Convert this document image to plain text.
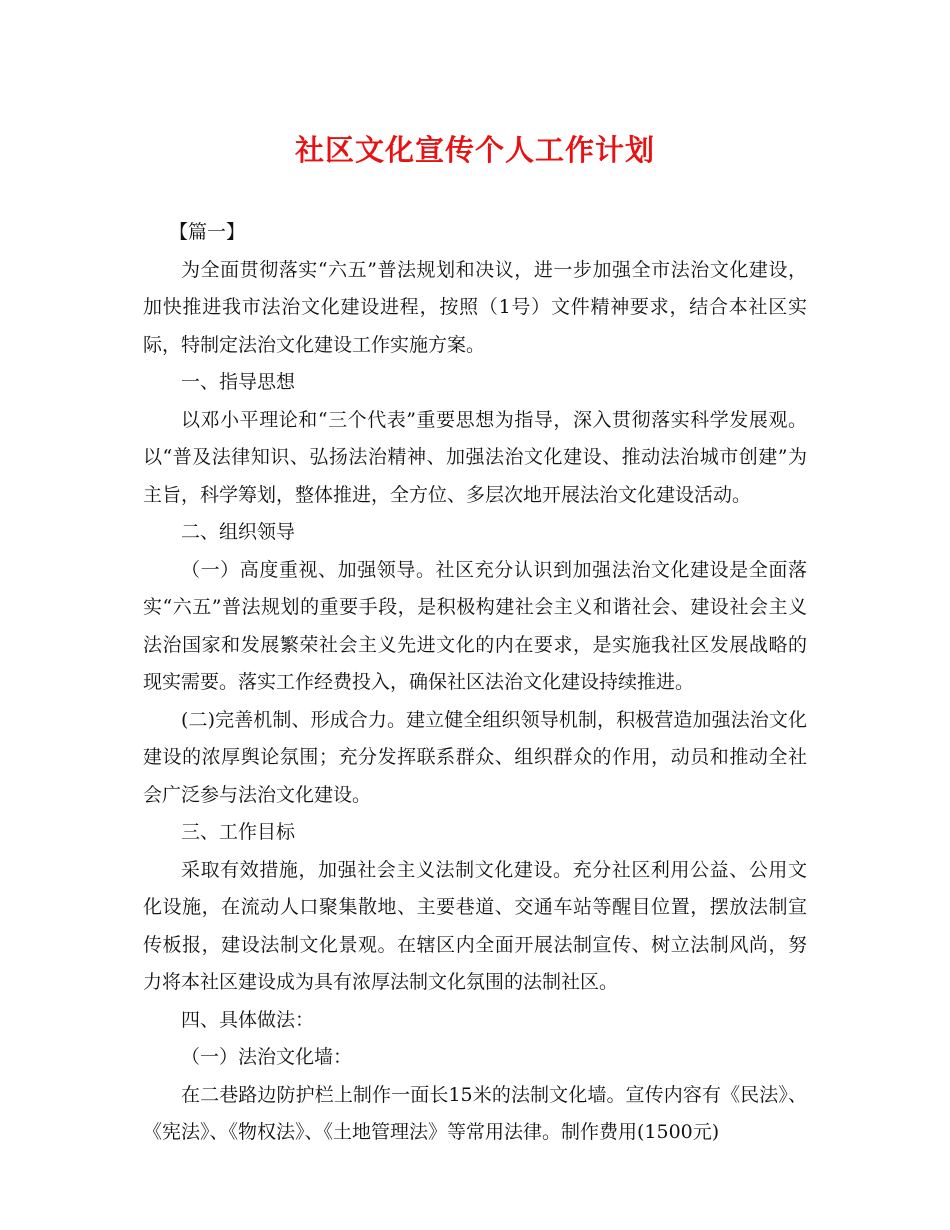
社区文化宣传个人工作计划

【篇一】

为全面贯彻落实“六五”普法规划和决议，进一步加强全市法治文化建设，加快推进我市法治文化建设进程，按照（1号）文件精神要求，结合本社区实际，特制定法治文化建设工作实施方案。

一、指导思想

以邓小平理论和“三个代表”重要思想为指导，深入贯彻落实科学发展观。以“普及法律知识、弘扬法治精神、加强法治文化建设、推动法治城市创建”为主旨，科学筹划，整体推进，全方位、多层次地开展法治文化建设活动。

二、组织领导

（一）高度重视、加强领导。社区充分认识到加强法治文化建设是全面落实“六五”普法规划的重要手段，是积极构建社会主义和谐社会、建设社会主义法治国家和发展繁荣社会主义先进文化的内在要求，是实施我社区发展战略的现实需要。落实工作经费投入，确保社区法治文化建设持续推进。

(二)完善机制、形成合力。建立健全组织领导机制，积极营造加强法治文化建设的浓厚舆论氛围；充分发挥联系群众、组织群众的作用，动员和推动全社会广泛参与法治文化建设。

三、工作目标

采取有效措施，加强社会主义法制文化建设。充分社区利用公益、公用文化设施，在流动人口聚集散地、主要巷道、交通车站等醒目位置，摆放法制宣传板报，建设法制文化景观。在辖区内全面开展法制宣传、树立法制风尚，努力将本社区建设成为具有浓厚法制文化氛围的法制社区。

四、具体做法：

（一）法治文化墙：

在二巷路边防护栏上制作一面长15米的法制文化墙。宣传内容有《民法》、《宪法》、《物权法》、《土地管理法》等常用法律。制作费用(1500元)
